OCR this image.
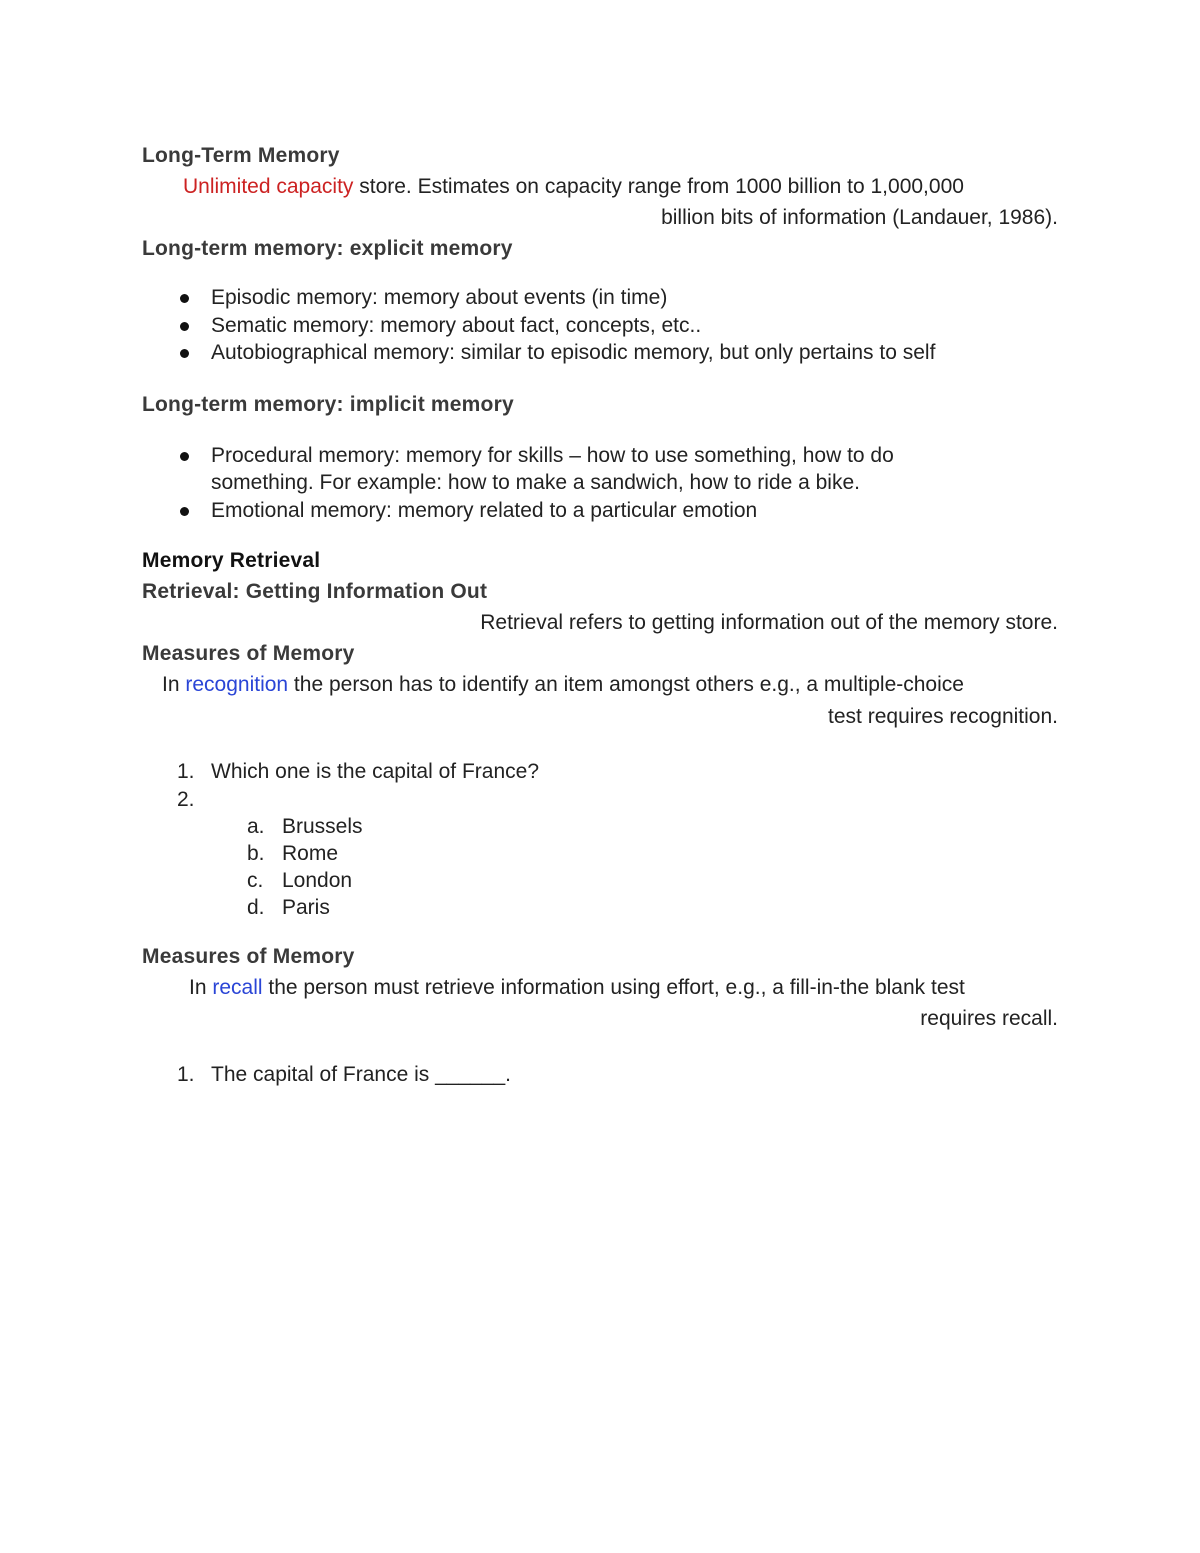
Long-Term Memory
Unlimited capacity store. Estimates on capacity range from 1000 billion to 1,000,000
billion bits of information (Landauer, 1986).
Long-term memory: explicit memory
Episodic memory: memory about events (in time)
Sematic memory: memory about fact, concepts, etc..
Autobiographical memory: similar to episodic memory, but only pertains to self
Long-term memory: implicit memory
Procedural memory: memory for skills – how to use something, how to do something. For example: how to make a sandwich, how to ride a bike.
Emotional memory: memory related to a particular emotion
Memory Retrieval
Retrieval: Getting Information Out
Retrieval refers to getting information out of the memory store.
Measures of Memory
In recognition the person has to identify an item amongst others e.g., a multiple-choice
test requires recognition.
1. Which one is the capital of France?
2.

a. Brussels
b. Rome
c. London
d. Paris
Measures of Memory
In recall the person must retrieve information using effort, e.g., a fill-in-the blank test
requires recall.
1. The capital of France is ______.
